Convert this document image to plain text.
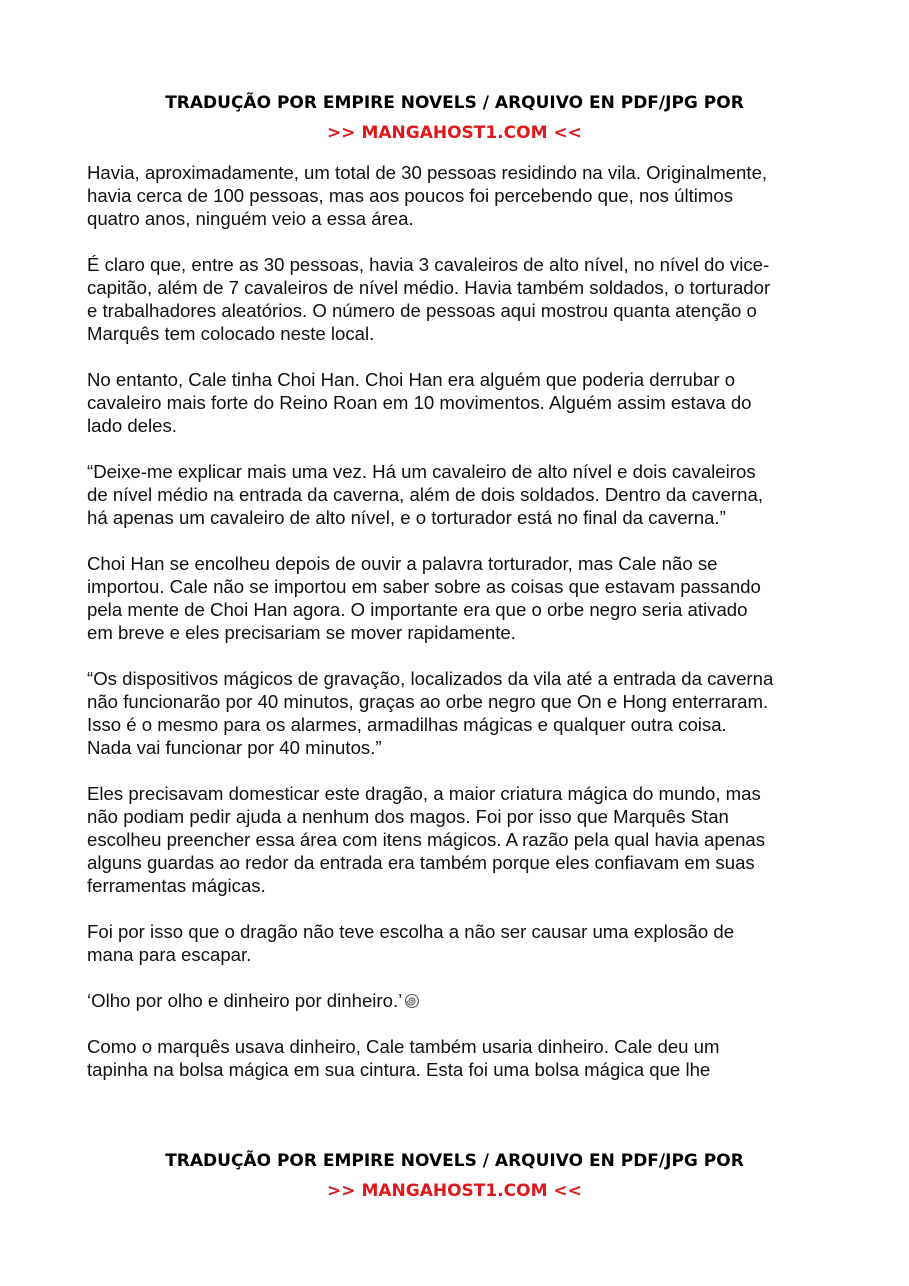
TRADUÇÃO POR EMPIRE NOVELS / ARQUIVO EN PDF/JPG POR
>> MANGAHOST1.COM <<

Havia, aproximadamente, um total de 30 pessoas residindo na vila. Originalmente,
havia cerca de 100 pessoas, mas aos poucos foi percebendo que, nos últimos
quatro anos, ninguém veio a essa área.

É claro que, entre as 30 pessoas, havia 3 cavaleiros de alto nível, no nível do vice-
capitão, além de 7 cavaleiros de nível médio. Havia também soldados, o torturador
e trabalhadores aleatórios. O número de pessoas aqui mostrou quanta atenção o
Marquês tem colocado neste local.

No entanto, Cale tinha Choi Han. Choi Han era alguém que poderia derrubar o
cavaleiro mais forte do Reino Roan em 10 movimentos. Alguém assim estava do
lado deles.

“Deixe-me explicar mais uma vez. Há um cavaleiro de alto nível e dois cavaleiros
de nível médio na entrada da caverna, além de dois soldados. Dentro da caverna,
há apenas um cavaleiro de alto nível, e o torturador está no final da caverna.”

Choi Han se encolheu depois de ouvir a palavra torturador, mas Cale não se
importou. Cale não se importou em saber sobre as coisas que estavam passando
pela mente de Choi Han agora. O importante era que o orbe negro seria ativado
em breve e eles precisariam se mover rapidamente.

“Os dispositivos mágicos de gravação, localizados da vila até a entrada da caverna
não funcionarão por 40 minutos, graças ao orbe negro que On e Hong enterraram.
Isso é o mesmo para os alarmes, armadilhas mágicas e qualquer outra coisa.
Nada vai funcionar por 40 minutos.”

Eles precisavam domesticar este dragão, a maior criatura mágica do mundo, mas
não podiam pedir ajuda a nenhum dos magos. Foi por isso que Marquês Stan
escolheu preencher essa área com itens mágicos. A razão pela qual havia apenas
alguns guardas ao redor da entrada era também porque eles confiavam em suas
ferramentas mágicas.

Foi por isso que o dragão não teve escolha a não ser causar uma explosão de
mana para escapar.

‘Olho por olho e dinheiro por dinheiro.’

Como o marquês usava dinheiro, Cale também usaria dinheiro. Cale deu um
tapinha na bolsa mágica em sua cintura. Esta foi uma bolsa mágica que lhe

TRADUÇÃO POR EMPIRE NOVELS / ARQUIVO EN PDF/JPG POR
>> MANGAHOST1.COM <<
